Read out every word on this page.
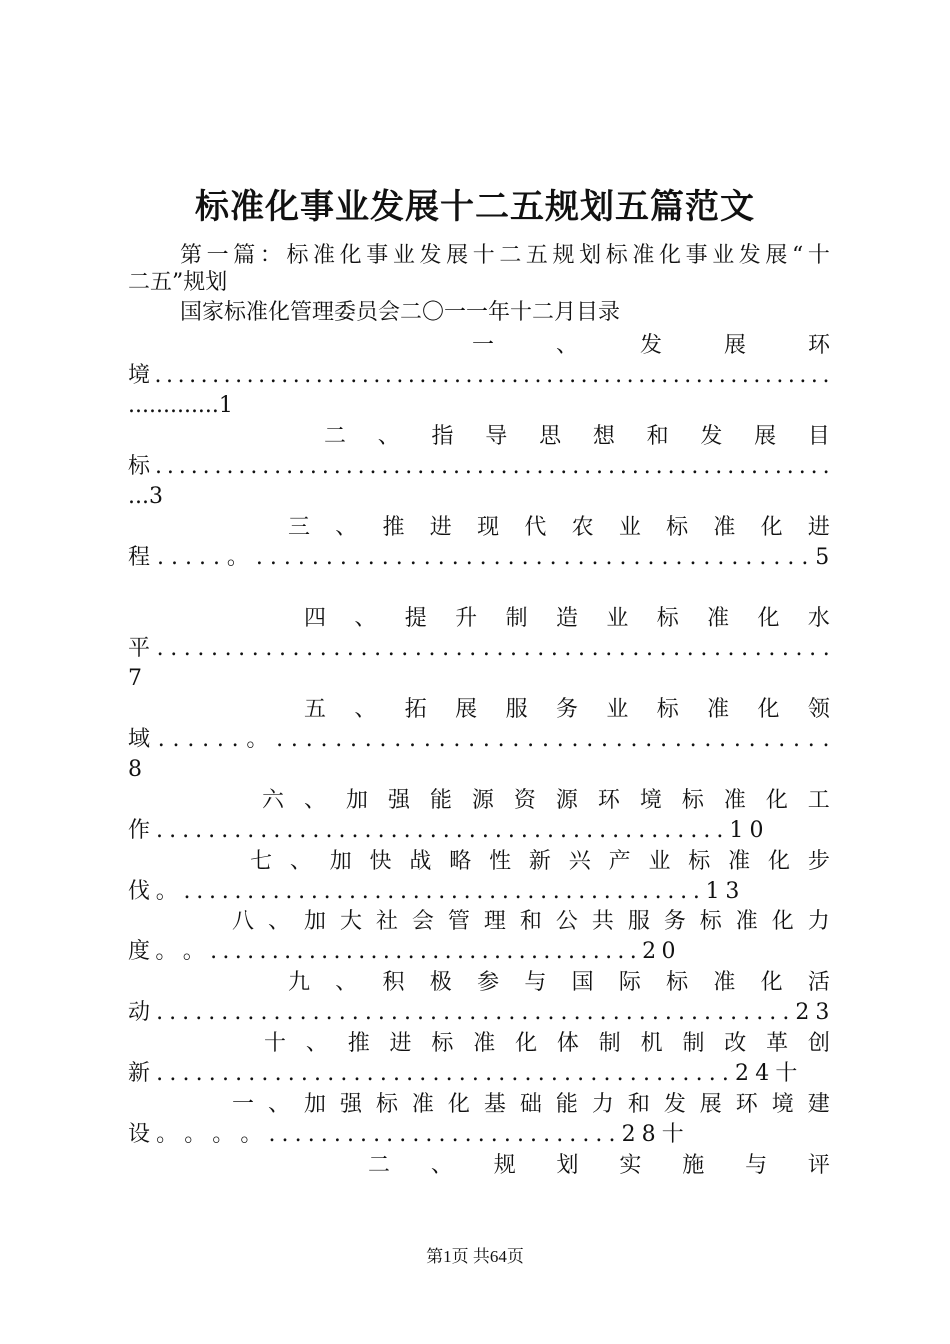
标准化事业发展十二五规划五篇范文
第 一 篇 ： 标 准 化 事 业 发 展 十 二 五 规 划 标 准 化 事 业 发 展 “ 十
二五”规划
国家标准化管理委员会二〇一一年十二月目录
一	、	发	展	环
境 . . . . . . . . . . . . . . . . . . . . . . . . . . . . . . . . . . . . . . . . . . . . . . . . . . . . . . . . . . .
.............1
二 、 指 导 思 想 和 发 展 目
标 . . . . . . . . . . . . . . . . . . . . . . . . . . . . . . . . . . . . . . . . . . . . . . . . . . . . . . . . .
...3
三 、 推 进 现 代 农 业 标 准 化 进
程 . . . . . 。 . . . . . . . . . . . . . . . . . . . . . . . . . . . . . . . . . . . . . . . . 5
四 、 提 升 制 造 业 标 准 化 水
平 . . . . . . . . . . . . . . . . . . . . . . . . . . . . . . . . . . . . . . . . . . . . . . . . . .
7
五 、 拓 展 服 务 业 标 准 化 领
域 . . . . . . 。 . . . . . . . . . . . . . . . . . . . . . . . . . . . . . . . . . . . . . .
8
六 、 加 强 能 源 资 源 环 境 标 准 化 工
作 . . . . . . . . . . . . . . . . . . . . . . . . . . . . . . . . . . . . . . . . . . . . 1 0
七 、 加 快 战 略 性 新 兴 产 业 标 准 化 步
伐 。 . . . . . . . . . . . . . . . . . . . . . . . . . . . . . . . . . . . . . . . . . 1 3
八 、 加 大 社 会 管 理 和 公 共 服 务 标 准 化 力
度 。 。 . . . . . . . . . . . . . . . . . . . . . . . . . . . . . . . . . . . 2 0
九 、 积 极 参 与 国 际 标 准 化 活
动 . . . . . . . . . . . . . . . . . . . . . . . . . . . . . . . . . . . . . . . . . . . . . . . . . 2 3
十 、 推 进 标 准 化 体 制 机 制 改 革 创
新 . . . . . . . . . . . . . . . . . . . . . . . . . . . . . . . . . . . . . . . . . . . . 2 4 十
一 、 加 强 标 准 化 基 础 能 力 和 发 展 环 境 建
设 。 。 。 。 . . . . . . . . . . . . . . . . . . . . . . . . . . . 2 8 十
二 、 规 划 实 施 与 评
第1页 共64页
